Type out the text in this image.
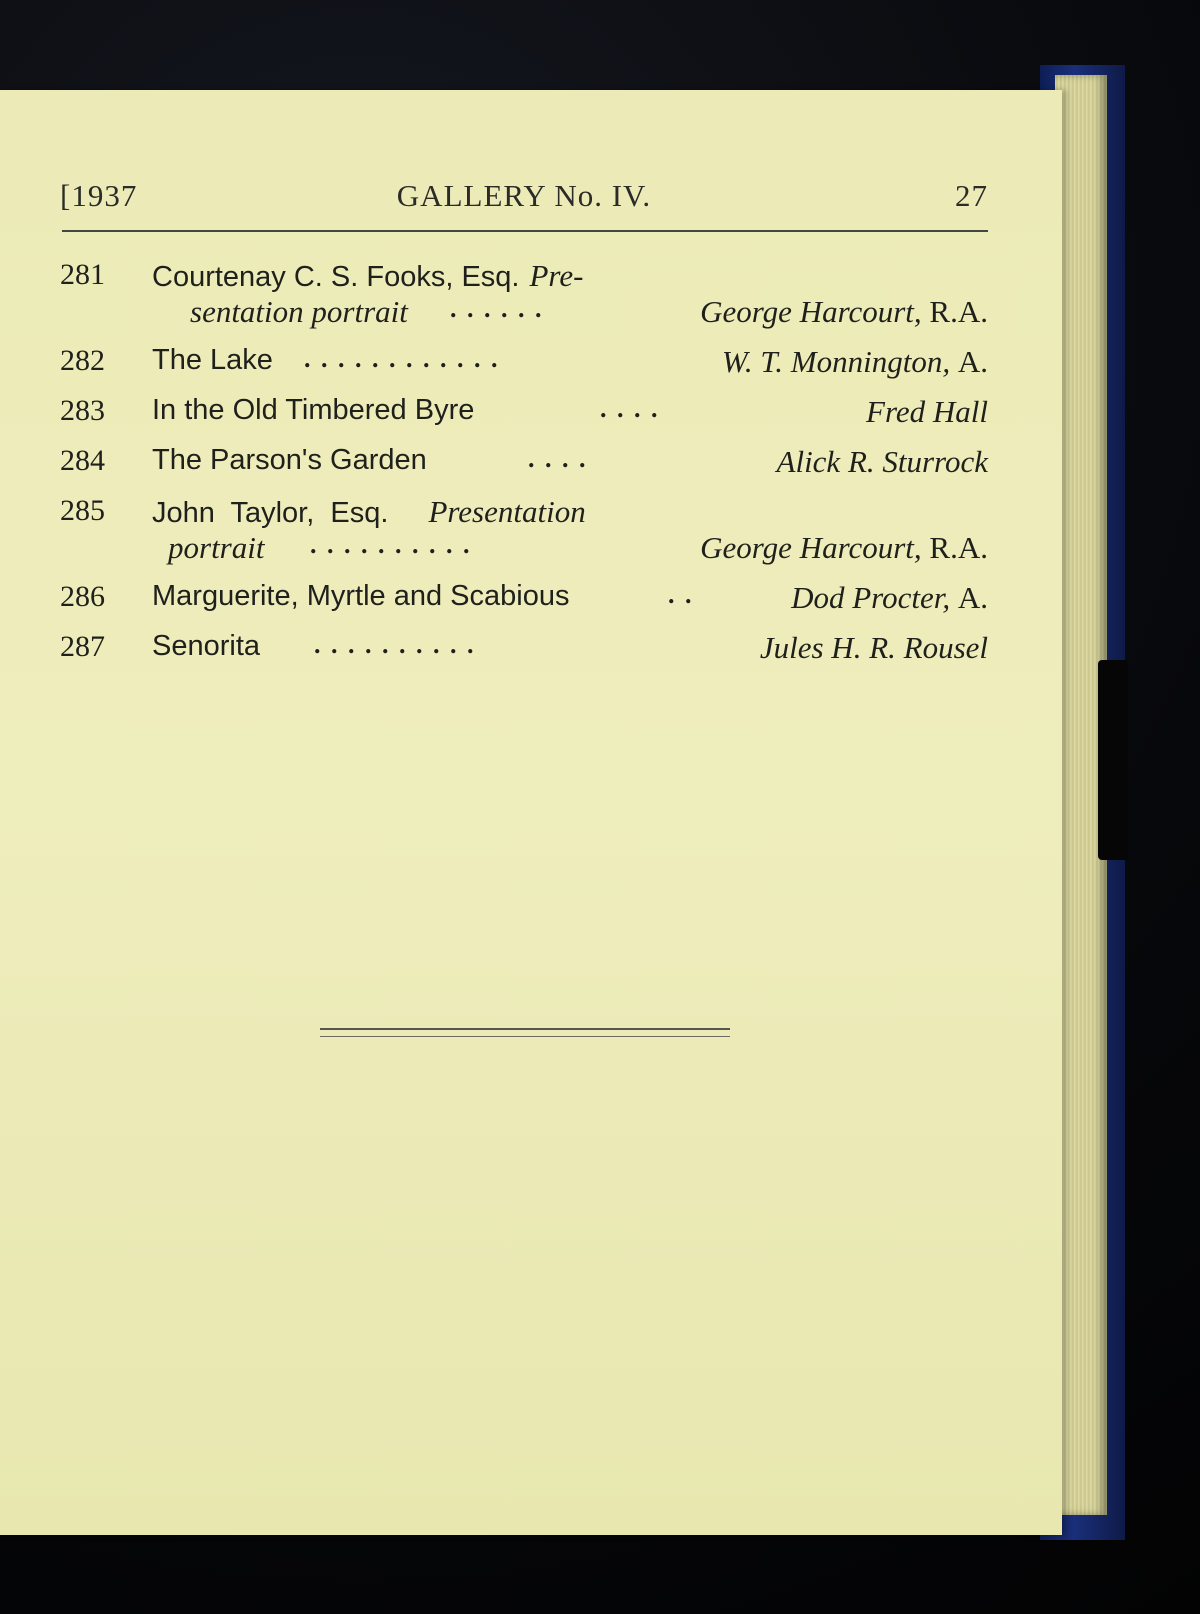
[1937	GALLERY No. IV.	27
281 Courtenay C. S. Fooks, Esq. Pre-
sentation portrait . . . . . .	George Harcourt, R.A.
282 The Lake . . . . . . . . . . . .	W. T. Monnington, A.
283 In the Old Timbered Byre	. . . .	Fred Hall
284 The Parson's Garden	. . . .	Alick R. Sturrock
285 John  Taylor,  Esq. Presentation
portrait . . . . . . . . . .	George Harcourt, R.A.
286 Marguerite, Myrtle and Scabious	. .	Dod Procter, A.
287 Senorita . . . . . . . . . .	Jules H. R. Rousel
